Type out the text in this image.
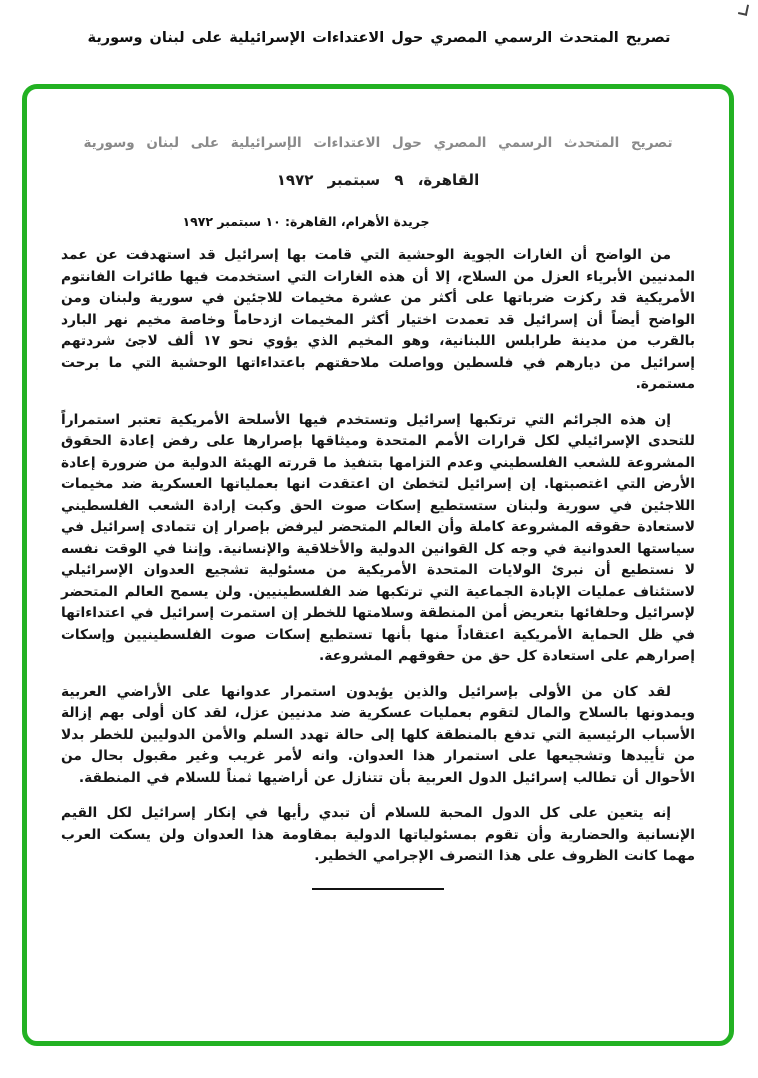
تصريح المتحدث الرسمي المصري حول الاعتداءات الإسرائيلية على لبنان وسورية
تصريح المتحدث الرسمي المصري حول الاعتداءات الإسرائيلية على لبنان وسورية
القاهرة، ٩ سبتمبر ١٩٧٢
جريدة الأهرام، القاهرة: ١٠ سبتمبر ١٩٧٢

من الواضح أن الغارات الجوية الوحشية التي قامت بها إسرائيل قد استهدفت عن عمد المدنيين الأبرياء العزل من السلاح، إلا أن هذه الغارات التي استخدمت فيها طائرات الفانتوم الأمريكية قد ركزت ضرباتها على أكثر من عشرة مخيمات للاجئين في سورية ولبنان ومن الواضح أيضاً أن إسرائيل قد تعمدت اختيار أكثر المخيمات ازدحاماً وخاصة مخيم نهر البارد بالقرب من مدينة طرابلس اللبنانية، وهو المخيم الذي يؤوي نحو ١٧ ألف لاجئ شردتهم إسرائيل من ديارهم في فلسطين وواصلت ملاحقتهم باعتداءاتها الوحشية التي ما برحت مستمرة.

إن هذه الجرائم التي ترتكبها إسرائيل وتستخدم فيها الأسلحة الأمريكية تعتبر استمراراً للتحدى الإسرائيلي لكل قرارات الأمم المتحدة وميثاقها بإصرارها على رفض إعادة الحقوق المشروعة للشعب الفلسطيني وعدم التزامها بتنفيذ ما قررته الهيئة الدولية من ضرورة إعادة الأرض التي اغتصبتها. إن إسرائيل لتخطئ ان اعتقدت انها بعملياتها العسكرية ضد مخيمات اللاجئين في سورية ولبنان ستستطيع إسكات صوت الحق وكبت إرادة الشعب الفلسطيني لاستعادة حقوقه المشروعة كاملة وأن العالم المتحضر ليرفض بإصرار إن تتمادى إسرائيل في سياستها العدوانية في وجه كل القوانين الدولية والأخلاقية والإنسانية. وإننا في الوقت نفسه لا نستطيع أن نبرئ الولايات المتحدة الأمريكية من مسئولية تشجيع العدوان الإسرائيلي لاستئناف عمليات الإبادة الجماعية التي ترتكبها ضد الفلسطينيين. ولن يسمح العالم المتحضر لإسرائيل وحلفائها بتعريض أمن المنطقة وسلامتها للخطر إن استمرت إسرائيل في اعتداءاتها في ظل الحماية الأمريكية اعتقاداً منها بأنها تستطيع إسكات صوت الفلسطينيين وإسكات إصرارهم على استعادة كل حق من حقوقهم المشروعة.

لقد كان من الأولى بإسرائيل والذين يؤيدون استمرار عدوانها على الأراضي العربية ويمدونها بالسلاح والمال لتقوم بعمليات عسكرية ضد مدنيين عزل، لقد كان أولى بهم إزالة الأسباب الرئيسية التي تدفع بالمنطقة كلها إلى حالة تهدد السلم والأمن الدوليين للخطر بدلا من تأييدها وتشجيعها على استمرار هذا العدوان. وانه لأمر غريب وغير مقبول بحال من الأحوال أن تطالب إسرائيل الدول العربية بأن تتنازل عن أراضيها ثمناً للسلام في المنطقة.

إنه يتعين على كل الدول المحبة للسلام أن تبدي رأيها في إنكار إسرائيل لكل القيم الإنسانية والحضارية وأن تقوم بمسئولياتها الدولية بمقاومة هذا العدوان ولن يسكت العرب مهما كانت الظروف على هذا التصرف الإجرامي الخطير.
